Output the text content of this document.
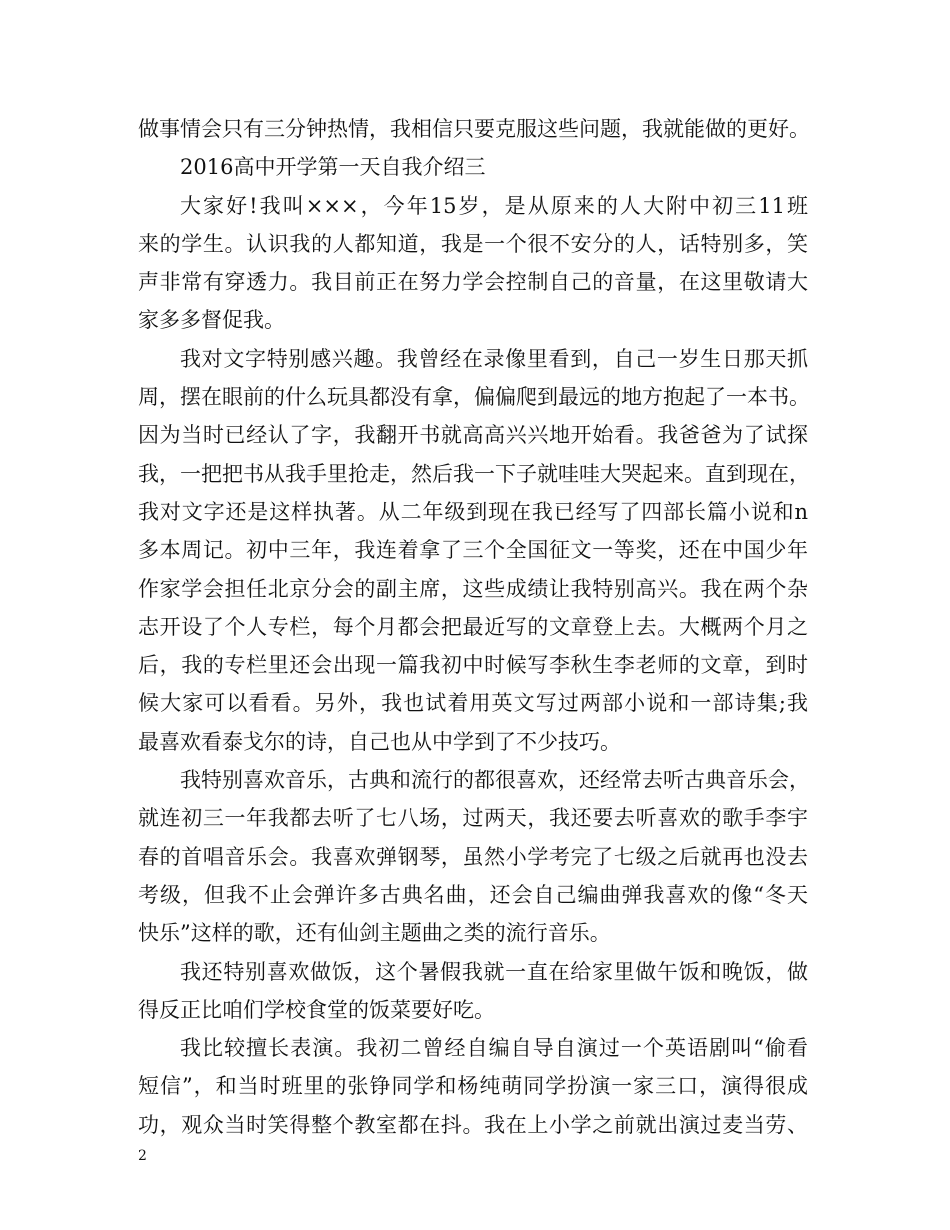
做事情会只有三分钟热情，我相信只要克服这些问题，我就能做的更好。
2016高中开学第一天自我介绍三
大家好!我叫×××，今年15岁，是从原来的人大附中初三11班
来的学生。认识我的人都知道，我是一个很不安分的人，话特别多，笑
声非常有穿透力。我目前正在努力学会控制自己的音量，在这里敬请大
家多多督促我。
我对文字特别感兴趣。我曾经在录像里看到，自己一岁生日那天抓
周，摆在眼前的什么玩具都没有拿，偏偏爬到最远的地方抱起了一本书。
因为当时已经认了字，我翻开书就高高兴兴地开始看。我爸爸为了试探
我，一把把书从我手里抢走，然后我一下子就哇哇大哭起来。直到现在，
我对文字还是这样执著。从二年级到现在我已经写了四部长篇小说和n
多本周记。初中三年，我连着拿了三个全国征文一等奖，还在中国少年
作家学会担任北京分会的副主席，这些成绩让我特别高兴。我在两个杂
志开设了个人专栏，每个月都会把最近写的文章登上去。大概两个月之
后，我的专栏里还会出现一篇我初中时候写李秋生李老师的文章，到时
候大家可以看看。另外，我也试着用英文写过两部小说和一部诗集;我
最喜欢看泰戈尔的诗，自己也从中学到了不少技巧。
我特别喜欢音乐，古典和流行的都很喜欢，还经常去听古典音乐会，
就连初三一年我都去听了七八场，过两天，我还要去听喜欢的歌手李宇
春的首唱音乐会。我喜欢弹钢琴，虽然小学考完了七级之后就再也没去
考级，但我不止会弹许多古典名曲，还会自己编曲弹我喜欢的像“冬天
快乐”这样的歌，还有仙剑主题曲之类的流行音乐。
我还特别喜欢做饭，这个暑假我就一直在给家里做午饭和晚饭，做
得反正比咱们学校食堂的饭菜要好吃。
我比较擅长表演。我初二曾经自编自导自演过一个英语剧叫“偷看
短信”，和当时班里的张铮同学和杨纯萌同学扮演一家三口，演得很成
功，观众当时笑得整个教室都在抖。我在上小学之前就出演过麦当劳、
2
